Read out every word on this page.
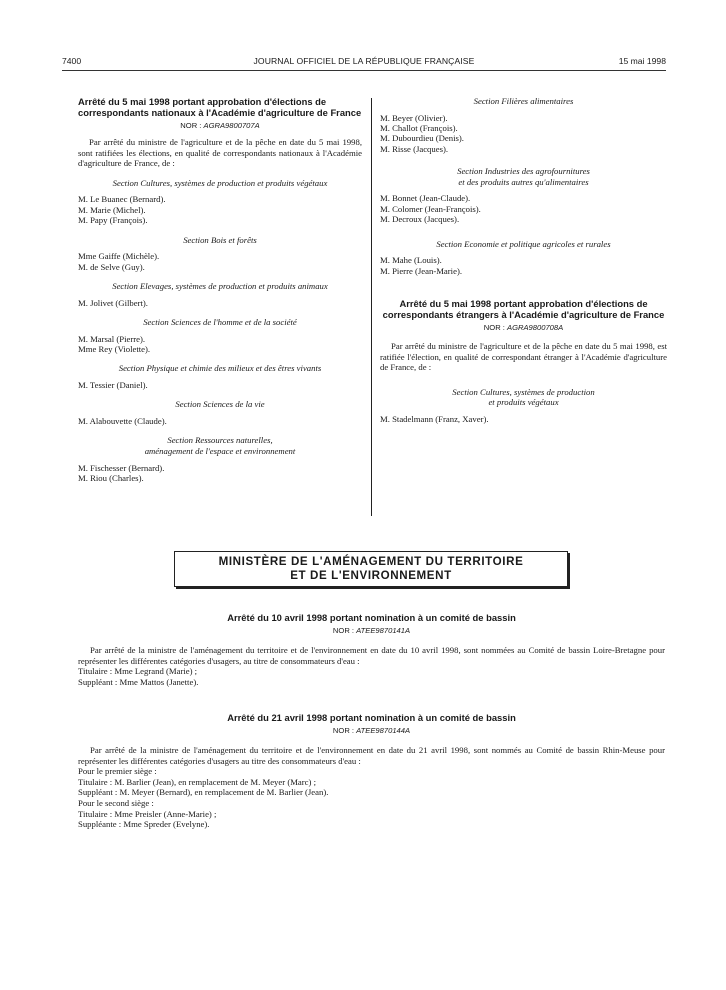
7400	JOURNAL OFFICIEL DE LA RÉPUBLIQUE FRANÇAISE	15 mai 1998

Arrêté du 5 mai 1998 portant approbation d'élections de correspondants nationaux à l'Académie d'agriculture de France

NOR : AGRA9800707A

Par arrêté du ministre de l'agriculture et de la pêche en date du 5 mai 1998, sont ratifiées les élections, en qualité de correspondants nationaux à l'Académie d'agriculture de France, de :

Section Cultures, systèmes de production et produits végétaux

M. Le Buanec (Bernard).
M. Marie (Michel).
M. Papy (François).

Section Bois et forêts

Mme Gaiffe (Michèle).
M. de Selve (Guy).

Section Elevages, systèmes de production et produits animaux

M. Jolivet (Gilbert).

Section Sciences de l'homme et de la société

M. Marsal (Pierre).
Mme Rey (Violette).

Section Physique et chimie des milieux et des êtres vivants

M. Tessier (Daniel).

Section Sciences de la vie

M. Alabouvette (Claude).

Section Ressources naturelles,
aménagement de l'espace et environnement

M. Fischesser (Bernard).
M. Riou (Charles).

Section Filières alimentaires

M. Beyer (Olivier).
M. Challot (François).
M. Dubourdieu (Denis).
M. Risse (Jacques).

Section Industries des agrofournitures
et des produits autres qu'alimentaires

M. Bonnet (Jean-Claude).
M. Colomer (Jean-François).
M. Decroux (Jacques).

Section Economie et politique agricoles et rurales

M. Mahe (Louis).
M. Pierre (Jean-Marie).

Arrêté du 5 mai 1998 portant approbation d'élections de correspondants étrangers à l'Académie d'agriculture de France

NOR : AGRA9800708A

Par arrêté du ministre de l'agriculture et de la pêche en date du 5 mai 1998, est ratifiée l'élection, en qualité de correspondant étranger à l'Académie d'agriculture de France, de :

Section Cultures, systèmes de production
et produits végétaux

M. Stadelmann (Franz, Xaver).
MINISTÈRE DE L'AMÉNAGEMENT DU TERRITOIRE
ET DE L'ENVIRONNEMENT

Arrêté du 10 avril 1998 portant nomination à un comité de bassin

NOR : ATEE9870141A

Par arrêté de la ministre de l'aménagement du territoire et de l'environnement en date du 10 avril 1998, sont nommées au Comité de bassin Loire-Bretagne pour représenter les différentes catégories d'usagers, au titre de consommateurs d'eau :

Titulaire : Mme Legrand (Marie) ;
Suppléant : Mme Mattos (Janette).

Arrêté du 21 avril 1998 portant nomination à un comité de bassin

NOR : ATEE9870144A

Par arrêté de la ministre de l'aménagement du territoire et de l'environnement en date du 21 avril 1998, sont nommés au Comité de bassin Rhin-Meuse pour représenter les différentes catégories d'usagers au titre des consommateurs d'eau :

Pour le premier siège :
Titulaire : M. Barlier (Jean), en remplacement de M. Meyer (Marc) ;
Suppléant : M. Meyer (Bernard), en remplacement de M. Barlier (Jean).
Pour le second siège :
Titulaire : Mme Preisler (Anne-Marie) ;
Suppléante : Mme Spreder (Evelyne).
